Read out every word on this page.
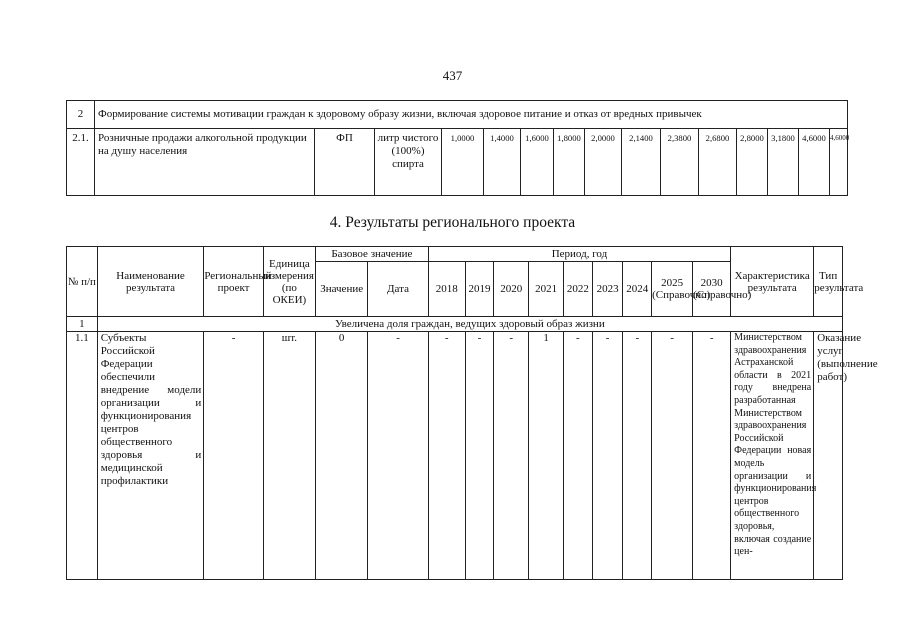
437
2	Формирование системы мотивации граждан к здоровому образу жизни, включая здоровое питание и отказ от вредных привычек														
2.1.	Розничные продажи алкогольной продукции на душу населения	ФП	литр чистого (100%) спирта	1,0000	1,4000	1,6000	1,8000	2,0000	2,1400	2,3800	2,6800	2,8000	3,1800	4,6000	4,6000
4. Результаты регионального проекта
№ п/п	Наименование результата	Региональный проект	Единица измерения (по ОКЕИ)	Базовое значение		Период, год									Характеристика результата	Тип результата
				Значение	Дата	2018	2019	2020	2021	2022	2023	2024	2025 (Справочно)	2030 (Справочно)		
1	Увеличена доля граждан, ведущих здоровый образ жизни															
1.1	Субъекты Российской Федерации обеспечили внедрение модели организации и функционирования центров общественного здоровья и медицинской профилактики	-	шт.	0	-	-	-	-	1	-	-	-	-	-	Министерством здравоохранения Астраханской области в 2021 году внедрена разработанная Министерством здравоохранения Российской Федерации новая модель организации и функционирования центров общественного здоровья, включая создание цен-	Оказание услуг (выполнение работ)
